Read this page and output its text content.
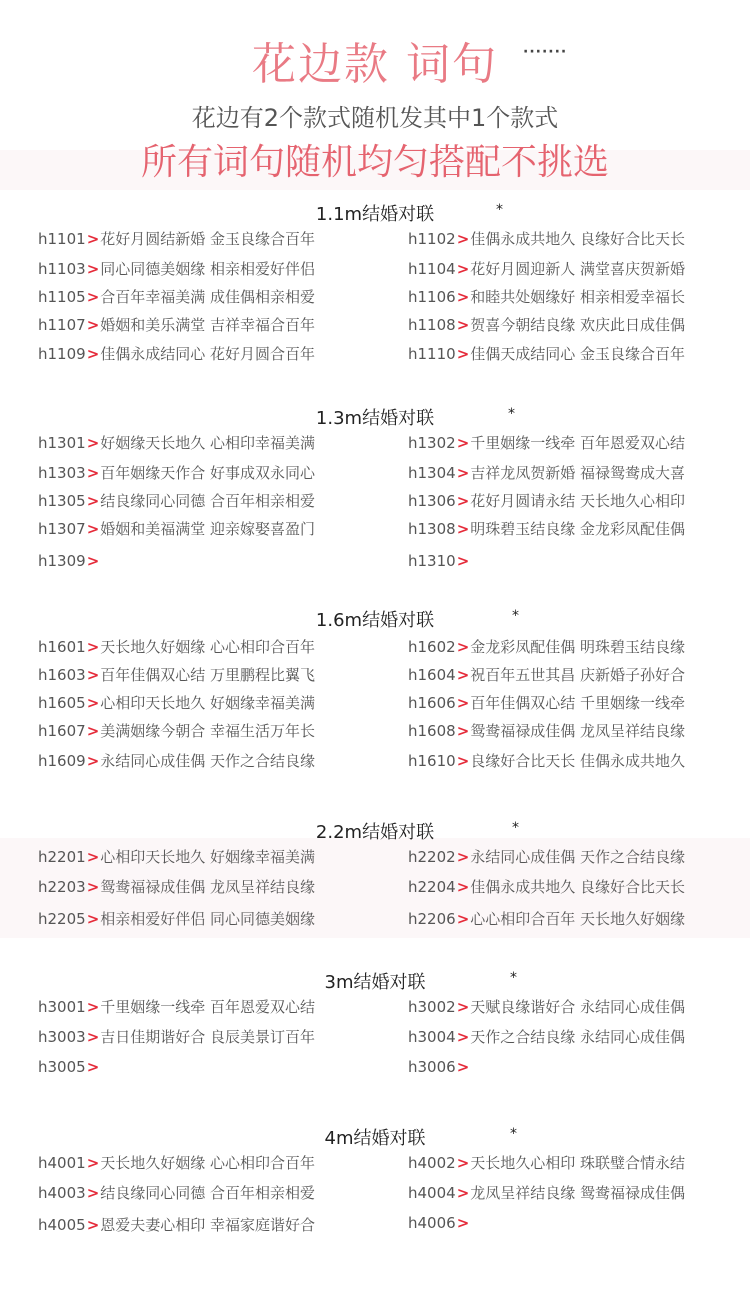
花边款 词句	·······
花边有2个款式随机发其中1个款式
所有词句随机均匀搭配不挑选
1.1m结婚对联	*
h1101>花好月圆结新婚 金玉良缘合百年	h1102>佳偶永成共地久 良缘好合比天长
h1103>同心同德美姻缘 相亲相爱好伴侣	h1104>花好月圆迎新人 满堂喜庆贺新婚
h1105>合百年幸福美满 成佳偶相亲相爱	h1106>和睦共处姻缘好 相亲相爱幸福长
h1107>婚姻和美乐满堂 吉祥幸福合百年	h1108>贺喜今朝结良缘 欢庆此日成佳偶
h1109>佳偶永成结同心 花好月圆合百年	h1110>佳偶天成结同心 金玉良缘合百年
1.3m结婚对联	*
h1301>好姻缘天长地久 心相印幸福美满	h1302>千里姻缘一线牵 百年恩爱双心结
h1303>百年姻缘天作合 好事成双永同心	h1304>吉祥龙凤贺新婚 福禄鸳鸯成大喜
h1305>结良缘同心同德 合百年相亲相爱	h1306>花好月圆请永结 天长地久心相印
h1307>婚姻和美福满堂 迎亲嫁娶喜盈门	h1308>明珠碧玉结良缘 金龙彩凤配佳偶
h1309>	h1310>
1.6m结婚对联	*
h1601>天长地久好姻缘 心心相印合百年	h1602>金龙彩凤配佳偶 明珠碧玉结良缘
h1603>百年佳偶双心结 万里鹏程比翼飞	h1604>祝百年五世其昌 庆新婚子孙好合
h1605>心相印天长地久 好姻缘幸福美满	h1606>百年佳偶双心结 千里姻缘一线牵
h1607>美满姻缘今朝合 幸福生活万年长	h1608>鸳鸯福禄成佳偶 龙凤呈祥结良缘
h1609>永结同心成佳偶 天作之合结良缘	h1610>良缘好合比天长 佳偶永成共地久
2.2m结婚对联	*
h2201>心相印天长地久 好姻缘幸福美满	h2202>永结同心成佳偶 天作之合结良缘
h2203>鸳鸯福禄成佳偶 龙凤呈祥结良缘	h2204>佳偶永成共地久 良缘好合比天长
h2205>相亲相爱好伴侣 同心同德美姻缘	h2206>心心相印合百年 天长地久好姻缘
3m结婚对联	*
h3001>千里姻缘一线牵 百年恩爱双心结	h3002>天赋良缘谐好合 永结同心成佳偶
h3003>吉日佳期谐好合 良辰美景订百年	h3004>天作之合结良缘 永结同心成佳偶
h3005>	h3006>
4m结婚对联	*
h4001>天长地久好姻缘 心心相印合百年	h4002>天长地久心相印 珠联璧合情永结
h4003>结良缘同心同德 合百年相亲相爱	h4004>龙凤呈祥结良缘 鸳鸯福禄成佳偶
h4005>恩爱夫妻心相印 幸福家庭谐好合	h4006>
